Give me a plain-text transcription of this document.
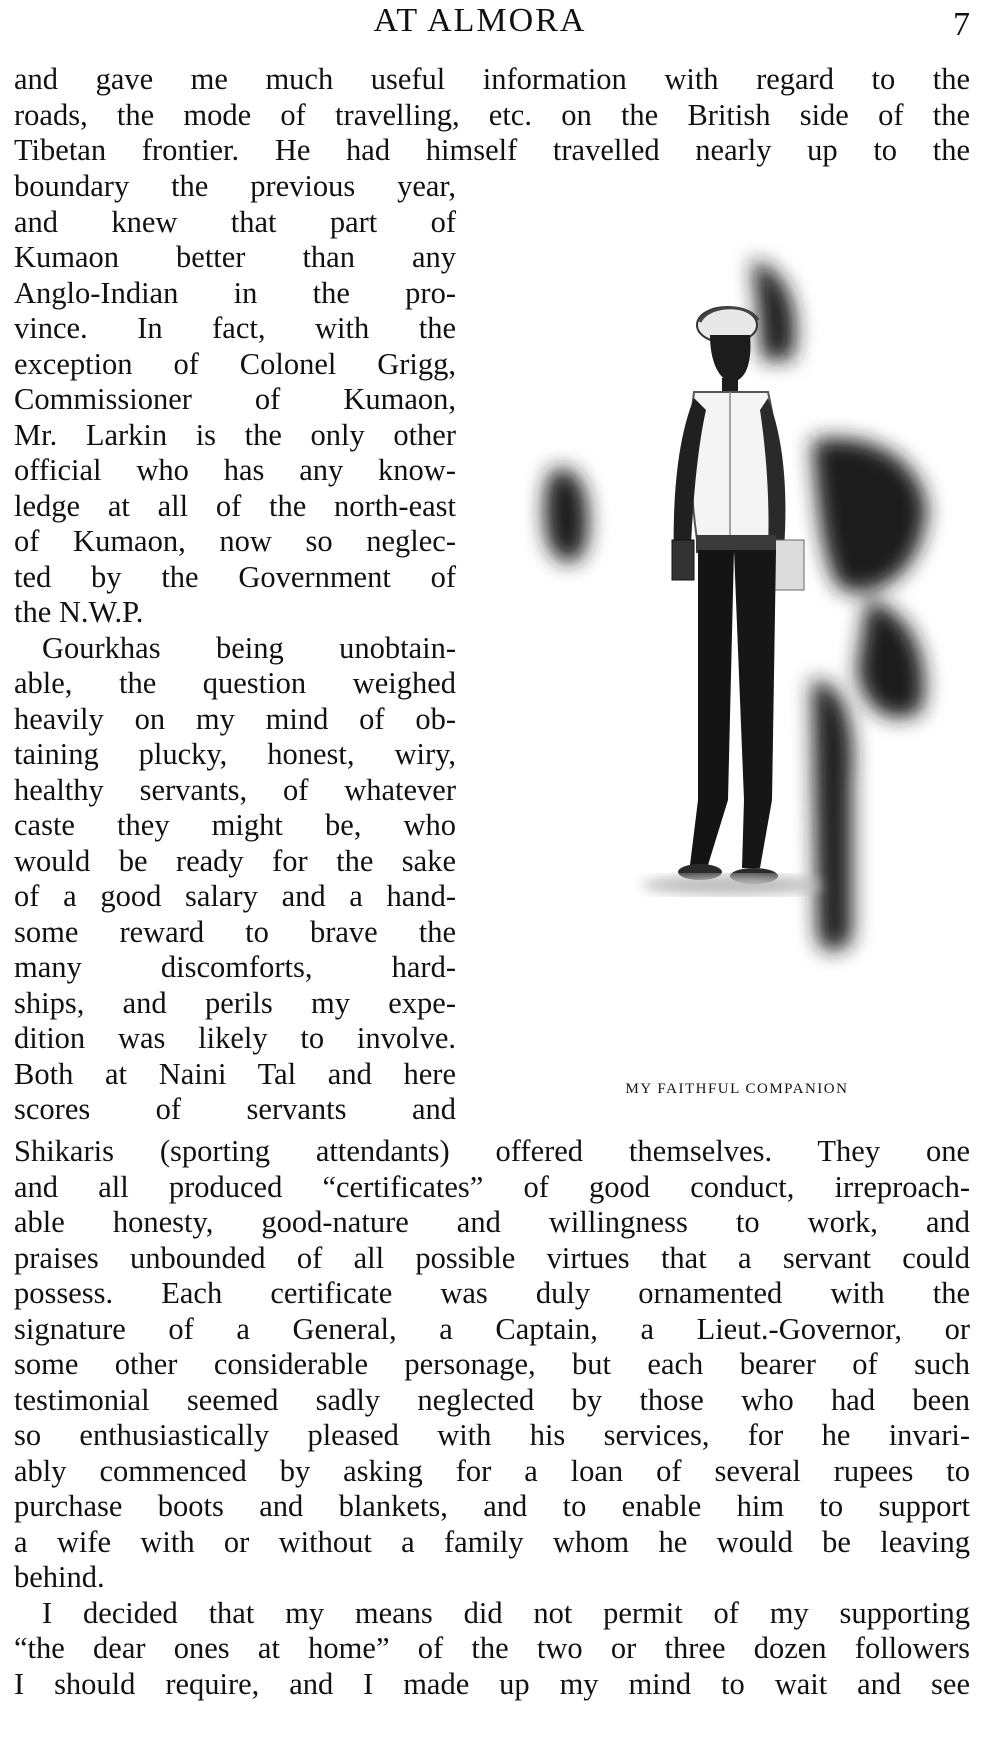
AT ALMORA	7
and gave me much useful information with regard to the
roads, the mode of travelling, etc. on the British side of the
Tibetan frontier. He had himself travelled nearly up to the
boundary the previous year,
and knew that part of
Kumaon better than any
Anglo-Indian in the pro-
vince. In fact, with the
exception of Colonel Grigg,
Commissioner of Kumaon,
Mr. Larkin is the only other
official who has any know-
ledge at all of the north-east
of Kumaon, now so neglec-
ted by the Government of
the N.W.P.
Gourkhas being unobtain-
able, the question weighed
heavily on my mind of ob-
taining plucky, honest, wiry,
healthy servants, of whatever
caste they might be, who
would be ready for the sake
of a good salary and a hand-
some reward to brave the
many discomforts, hard-
ships, and perils my expe-
dition was likely to involve.
Both at Naini Tal and here
scores of servants and
MY FAITHFUL COMPANION
Shikaris (sporting attendants) offered themselves. They one
and all produced “certificates” of good conduct, irreproach-
able honesty, good-nature and willingness to work, and
praises unbounded of all possible virtues that a servant could
possess. Each certificate was duly ornamented with the
signature of a General, a Captain, a Lieut.-Governor, or
some other considerable personage, but each bearer of such
testimonial seemed sadly neglected by those who had been
so enthusiastically pleased with his services, for he invari-
ably commenced by asking for a loan of several rupees to
purchase boots and blankets, and to enable him to support
a wife with or without a family whom he would be leaving
behind.
I decided that my means did not permit of my supporting
“the dear ones at home” of the two or three dozen followers
I should require, and I made up my mind to wait and see
